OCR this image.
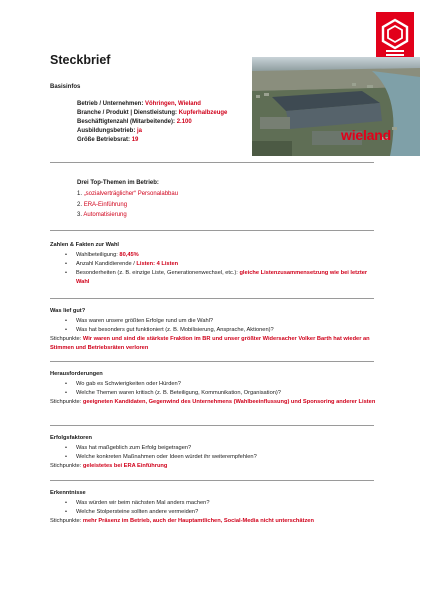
Steckbrief
Basisinfos
Betrieb / Unternehmen: Vöhringen, Wieland
Branche / Produkt | Dienstleistung: Kupferhalbzeuge
Beschäftigtenzahl (Mitarbeitende): 2.100
Ausbildungsbetrieb: ja
Größe Betriebsrat: 19	wieland
Drei Top-Themen im Betrieb:
1. „sozialverträglicher“ Personalabbau
2. ERA-Einführung
3. Automatisierung
Zahlen & Fakten zur Wahl
• Wahlbeteiligung: 80,45%
• Anzahl Kandidierende / Listen: 4 Listen
• Besonderheiten (z. B. einzige Liste, Generationenwechsel, etc.): gleiche Listenzusammensetzung wie bei letzter Wahl
Was lief gut?
• Was waren unsere größten Erfolge rund um die Wahl?
• Was hat besonders gut funktioniert (z. B. Mobilisierung, Ansprache, Aktionen)?
Stichpunkte: Wir waren und sind die stärkste Fraktion im BR und unser größter Widersacher Volker Barth hat wieder an Stimmen und Betriebsräten verloren
Herausforderungen
• Wo gab es Schwierigkeiten oder Hürden?
• Welche Themen waren kritisch (z. B. Beteiligung, Kommunikation, Organisation)?
Stichpunkte: geeigneten Kandidaten, Gegenwind des Unternehmens (Wahlbeeinflussung) und Sponsoring anderer Listen
Erfolgsfaktoren
• Was hat maßgeblich zum Erfolg beigetragen?
• Welche konkreten Maßnahmen oder Ideen würdet ihr weiterempfehlen?
Stichpunkte: geleistetes bei ERA Einführung
Erkenntnisse
• Was würden wir beim nächsten Mal anders machen?
• Welche Stolpersteine sollten andere vermeiden?
Stichpunkte: mehr Präsenz im Betrieb, auch der Hauptamtlichen, Social-Media nicht unterschätzen
